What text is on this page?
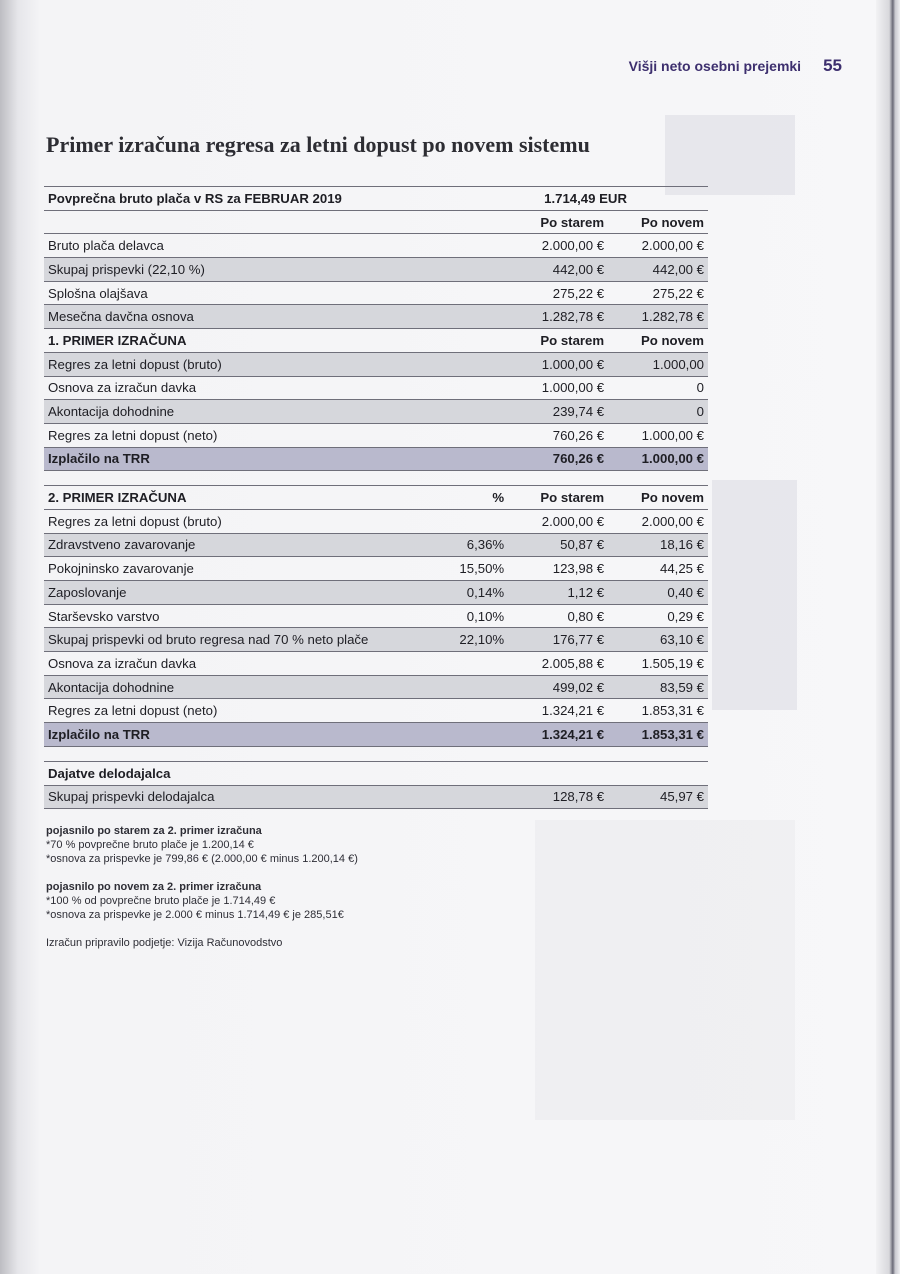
Višji neto osebni prejemki 55
Primer izračuna regresa za letni dopust po novem sistemu
Povprečna bruto plača v RS za FEBRUAR 2019		1.714,49 EUR	
		Po starem	Po novem
Bruto plača delavca		2.000,00 €	2.000,00 €
Skupaj prispevki (22,10 %)		442,00 €	442,00 €
Splošna olajšava		275,22 €	275,22 €
Mesečna davčna osnova		1.282,78 €	1.282,78 €
1. PRIMER IZRAČUNA		Po starem	Po novem
Regres za letni dopust (bruto)		1.000,00 €	1.000,00
Osnova za izračun davka		1.000,00 €	0
Akontacija dohodnine		239,74 €	0
Regres za letni dopust (neto)		760,26 €	1.000,00 €
Izplačilo na TRR		760,26 €	1.000,00 €

2. PRIMER IZRAČUNA	%	Po starem	Po novem
Regres za letni dopust (bruto)		2.000,00 €	2.000,00 €
Zdravstveno zavarovanje	6,36%	50,87 €	18,16 €
Pokojninsko zavarovanje	15,50%	123,98 €	44,25 €
Zaposlovanje	0,14%	1,12 €	0,40 €
Starševsko varstvo	0,10%	0,80 €	0,29 €
Skupaj prispevki od bruto regresa nad 70 % neto plače	22,10%	176,77 €	63,10 €
Osnova za izračun davka		2.005,88 €	1.505,19 €
Akontacija dohodnine		499,02 €	83,59 €
Regres za letni dopust (neto)		1.324,21 €	1.853,31 €
Izplačilo na TRR		1.324,21 €	1.853,31 €

Dajatve delodajalca			
Skupaj prispevki delodajalca		128,78 €	45,97 €
pojasnilo po starem za 2. primer izračuna
*70 % povprečne bruto plače je 1.200,14 €
*osnova za prispevke je 799,86 € (2.000,00 € minus 1.200,14 €)
pojasnilo po novem za 2. primer izračuna
*100 % od povprečne bruto plače je 1.714,49 €
*osnova za prispevke je 2.000 € minus 1.714,49 € je 285,51€
Izračun pripravilo podjetje: Vizija Računovodstvo
